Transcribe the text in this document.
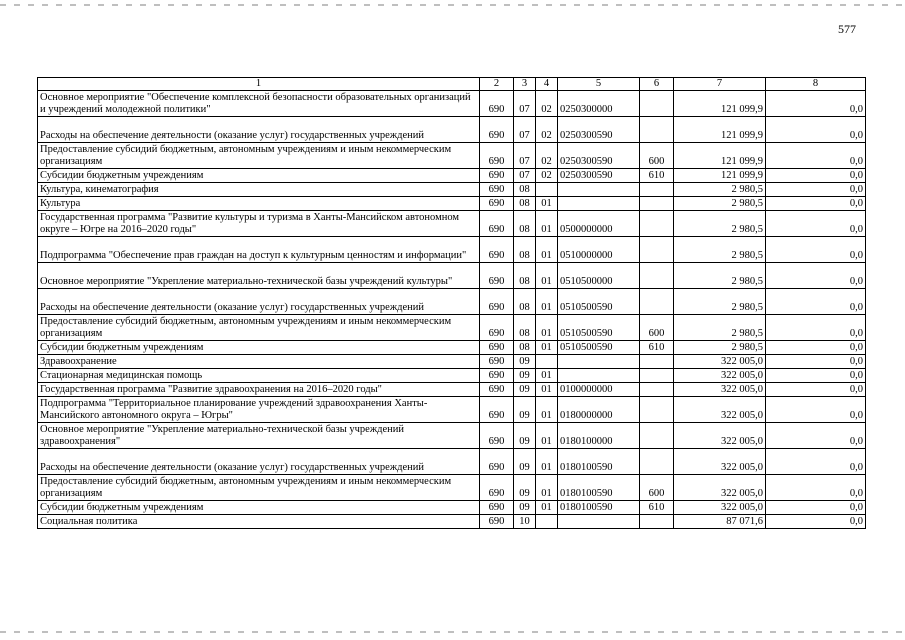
577
1	2	3	4	5	6	7	8
Основное мероприятие "Обеспечение комплексной безопасности образовательных организаций и учреждений молодежной политики"	690	07	02	0250300000		121 099,9	0,0
Расходы на обеспечение деятельности (оказание услуг) государственных учреждений	690	07	02	0250300590		121 099,9	0,0
Предоставление субсидий бюджетным, автономным учреждениям и иным некоммерческим организациям	690	07	02	0250300590	600	121 099,9	0,0
Субсидии бюджетным учреждениям	690	07	02	0250300590	610	121 099,9	0,0
Культура, кинематография	690	08				2 980,5	0,0
Культура	690	08	01			2 980,5	0,0
Государственная программа "Развитие культуры и туризма в Ханты-Мансийском автономном округе – Югре на 2016–2020 годы"	690	08	01	0500000000		2 980,5	0,0
Подпрограмма "Обеспечение прав граждан на доступ к культурным ценностям и информации"	690	08	01	0510000000		2 980,5	0,0
Основное мероприятие "Укрепление материально-технической базы учреждений культуры"	690	08	01	0510500000		2 980,5	0,0
Расходы на обеспечение деятельности (оказание услуг) государственных учреждений	690	08	01	0510500590		2 980,5	0,0
Предоставление субсидий бюджетным, автономным учреждениям и иным некоммерческим организациям	690	08	01	0510500590	600	2 980,5	0,0
Субсидии бюджетным учреждениям	690	08	01	0510500590	610	2 980,5	0,0
Здравоохранение	690	09				322 005,0	0,0
Стационарная медицинская помощь	690	09	01			322 005,0	0,0
Государственная программа "Развитие здравоохранения на 2016–2020 годы"	690	09	01	0100000000		322 005,0	0,0
Подпрограмма "Территориальное планирование учреждений здравоохранения Ханты-Мансийского автономного округа – Югры"	690	09	01	0180000000		322 005,0	0,0
Основное мероприятие "Укрепление материально-технической базы учреждений здравоохранения"	690	09	01	0180100000		322 005,0	0,0
Расходы на обеспечение деятельности (оказание услуг) государственных учреждений	690	09	01	0180100590		322 005,0	0,0
Предоставление субсидий бюджетным, автономным учреждениям и иным некоммерческим организациям	690	09	01	0180100590	600	322 005,0	0,0
Субсидии бюджетным учреждениям	690	09	01	0180100590	610	322 005,0	0,0
Социальная политика	690	10				87 071,6	0,0
